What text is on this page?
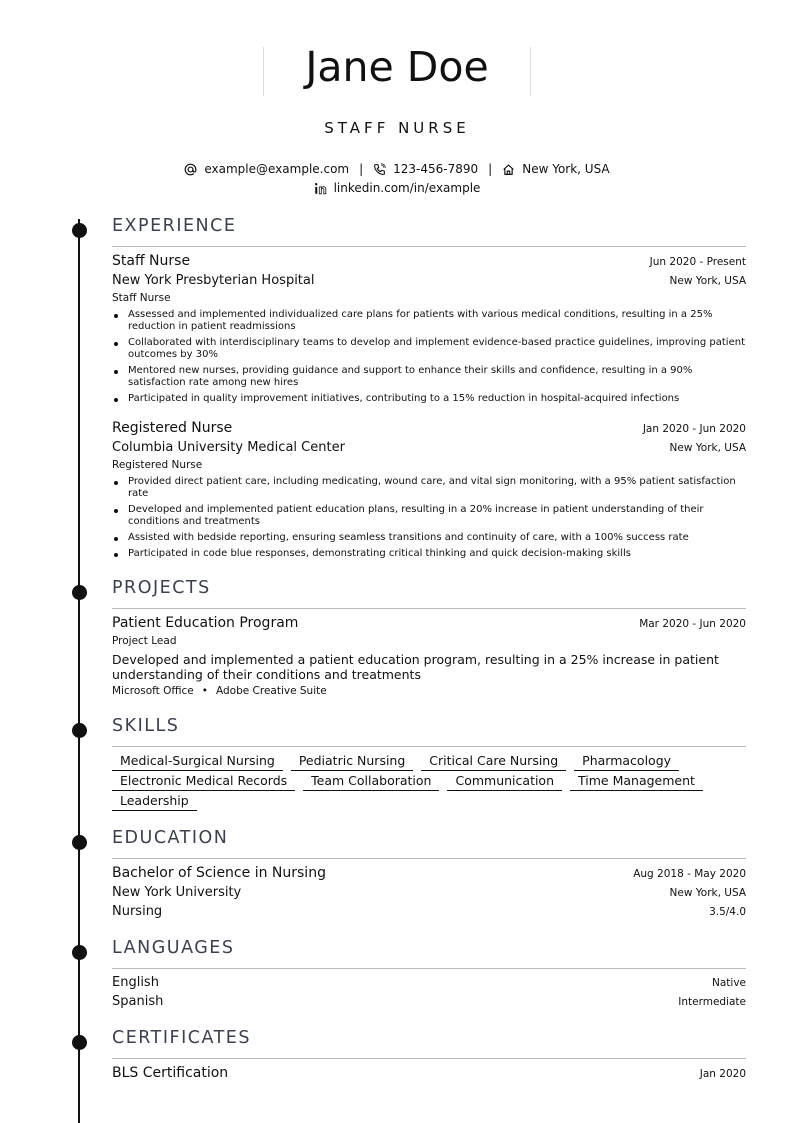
Jane Doe
STAFF NURSE
example@example.com |	123-456-7890 |	New York, USA
linkedin.com/in/example
EXPERIENCE
Staff Nurse	Jun 2020 - Present
New York Presbyterian Hospital	New York, USA
Staff Nurse
Assessed and implemented individualized care plans for patients with various medical conditions, resulting in a 25% reduction in patient readmissions
Collaborated with interdisciplinary teams to develop and implement evidence-based practice guidelines, improving patient outcomes by 30%
Mentored new nurses, providing guidance and support to enhance their skills and confidence, resulting in a 90% satisfaction rate among new hires
Participated in quality improvement initiatives, contributing to a 15% reduction in hospital-acquired infections
Registered Nurse	Jan 2020 - Jun 2020
Columbia University Medical Center	New York, USA
Registered Nurse
Provided direct patient care, including medicating, wound care, and vital sign monitoring, with a 95% patient satisfaction rate
Developed and implemented patient education plans, resulting in a 20% increase in patient understanding of their conditions and treatments
Assisted with bedside reporting, ensuring seamless transitions and continuity of care, with a 100% success rate
Participated in code blue responses, demonstrating critical thinking and quick decision-making skills
PROJECTS
Patient Education Program	Mar 2020 - Jun 2020
Project Lead
Developed and implemented a patient education program, resulting in a 25% increase in patient understanding of their conditions and treatments
Microsoft Office • Adobe Creative Suite
SKILLS
Medical-Surgical Nursing	Pediatric Nursing	Critical Care Nursing	Pharmacology
Electronic Medical Records	Team Collaboration	Communication	Time Management
Leadership
EDUCATION
Bachelor of Science in Nursing	Aug 2018 - May 2020
New York University	New York, USA
Nursing	3.5/4.0
LANGUAGES
English	Native
Spanish	Intermediate
CERTIFICATES
BLS Certification	Jan 2020
